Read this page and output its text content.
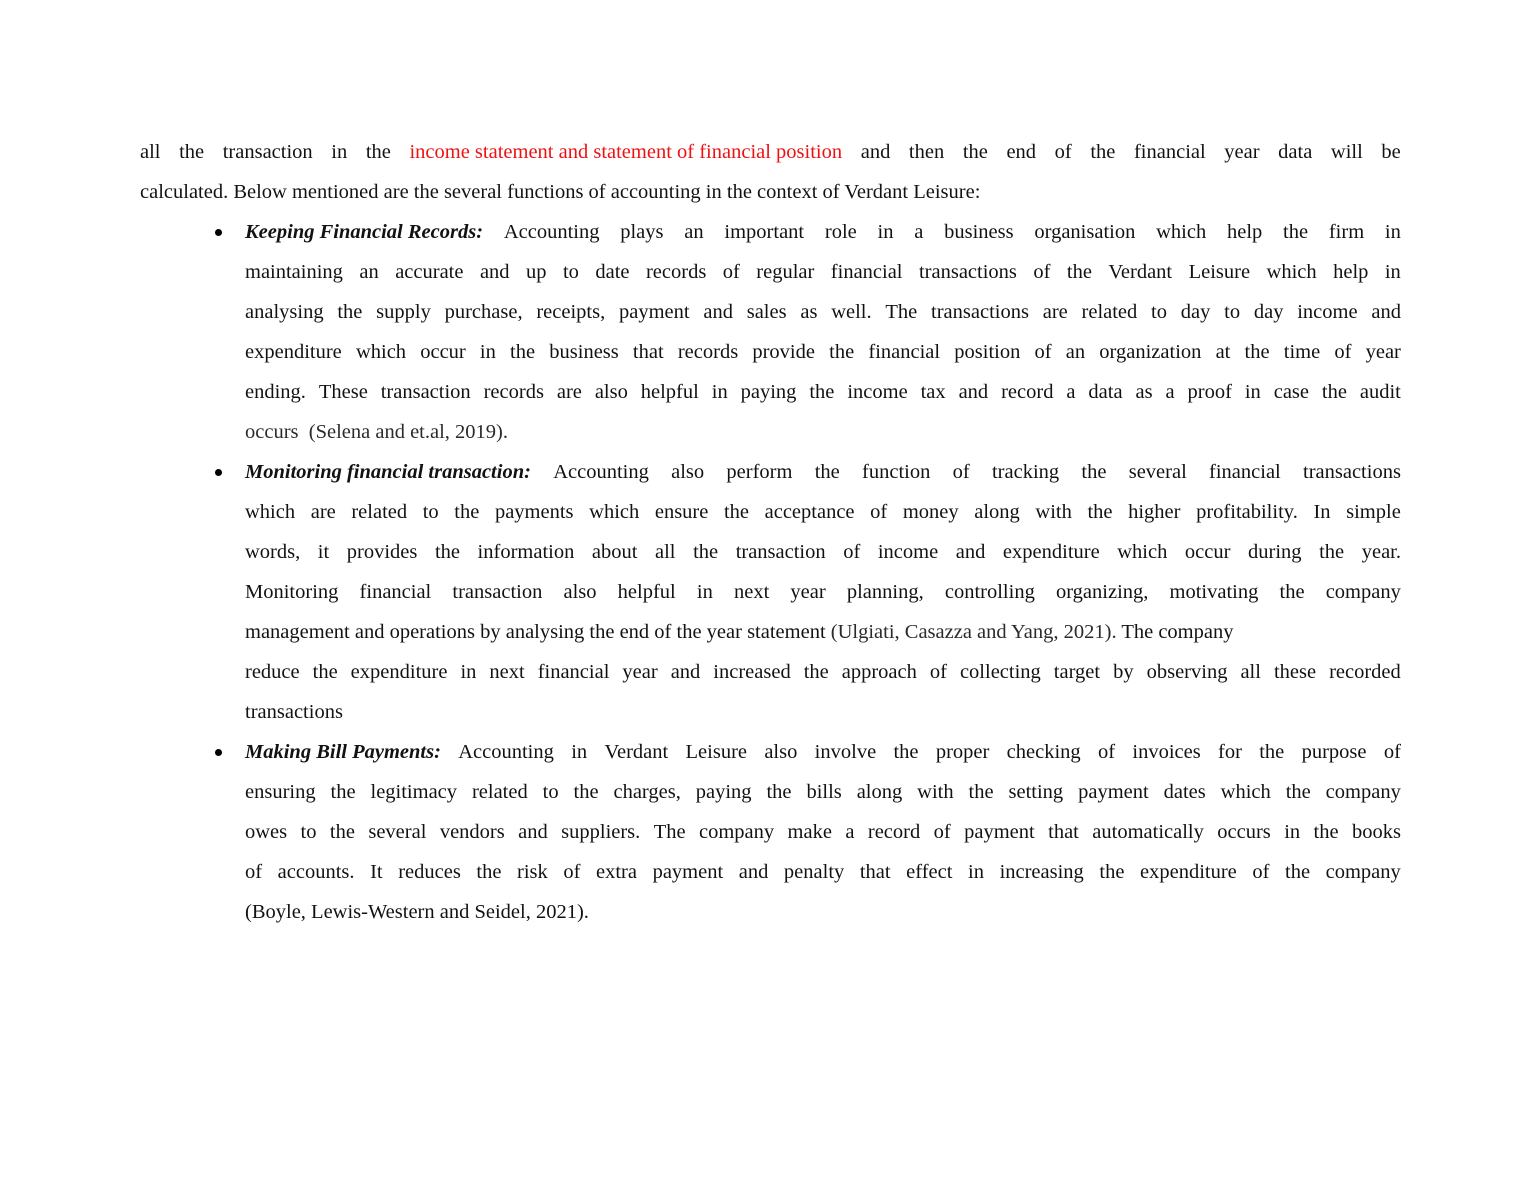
all the transaction in the income statement and statement of financial position and then the end of the financial year data will be
calculated. Below mentioned are the several functions of accounting in the context of Verdant Leisure:
Keeping Financial Records: Accounting plays an important role in a business organisation which help the firm in
maintaining an accurate and up to date records of regular financial transactions of the Verdant Leisure which help in
analysing the supply purchase, receipts, payment and sales as well. The transactions are related to day to day income and
expenditure which occur in the business that records provide the financial position of an organization at the time of year
ending. These transaction records are also helpful in paying the income tax and record a data as a proof in case the audit
occurs  (Selena and et.al, 2019).
Monitoring financial transaction: Accounting also perform the function of tracking the several financial transactions
which are related to the payments which ensure the acceptance of money along with the higher profitability. In simple
words, it provides the information about all the transaction of income and expenditure which occur during the year.
Monitoring financial transaction also helpful in next year planning, controlling organizing, motivating the company
management and operations by analysing the end of the year statement (Ulgiati, Casazza and Yang, 2021). The company
reduce the expenditure in next financial year and increased the approach of collecting target by observing all these recorded
transactions
Making Bill Payments: Accounting in Verdant Leisure also involve the proper checking of invoices for the purpose of
ensuring the legitimacy related to the charges, paying the bills along with the setting payment dates which the company
owes to the several vendors and suppliers. The company make a record of payment that automatically occurs in the books
of accounts. It reduces the risk of extra payment and penalty that effect in increasing the expenditure of the company
(Boyle, Lewis-Western and Seidel, 2021).
